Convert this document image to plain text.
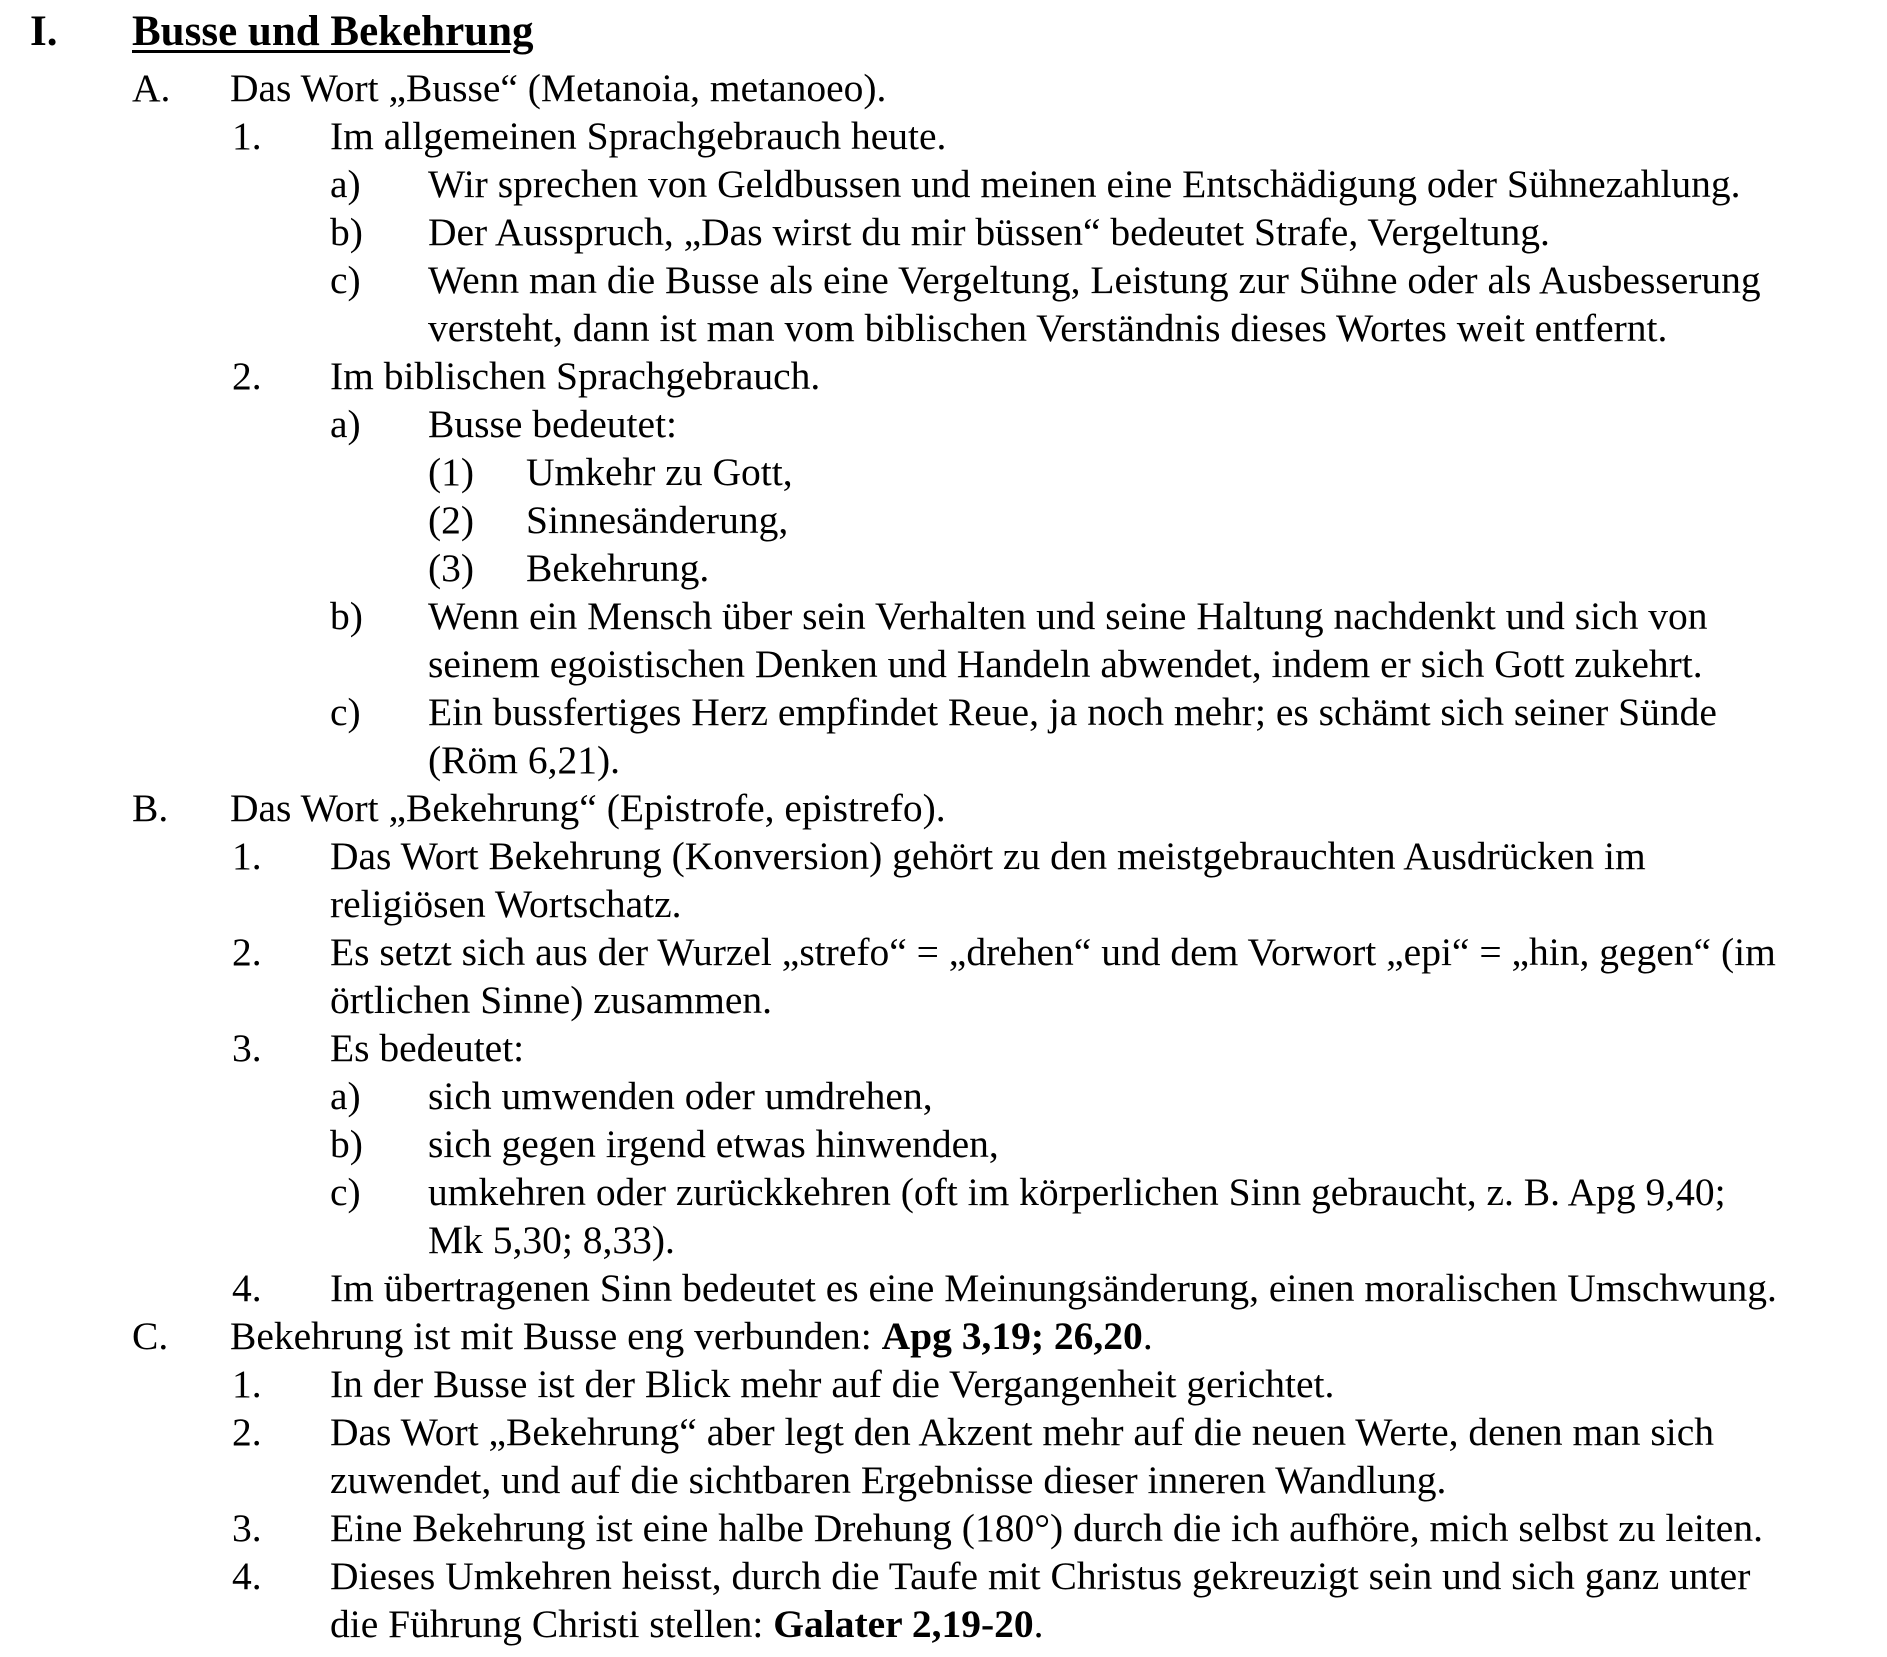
I. Busse und Bekehrung
A. Das Wort „Busse“ (Metanoia, metanoeo).
1. Im allgemeinen Sprachgebrauch heute.
a) Wir sprechen von Geldbussen und meinen eine Entschädigung oder Sühnezahlung.
b) Der Ausspruch, „Das wirst du mir büssen“ bedeutet Strafe, Vergeltung.
c) Wenn man die Busse als eine Vergeltung, Leistung zur Sühne oder als Ausbesserung
versteht, dann ist man vom biblischen Verständnis dieses Wortes weit entfernt.
2. Im biblischen Sprachgebrauch.
a) Busse bedeutet:
(1) Umkehr zu Gott,
(2) Sinnesänderung,
(3) Bekehrung.
b) Wenn ein Mensch über sein Verhalten und seine Haltung nachdenkt und sich von
seinem egoistischen Denken und Handeln abwendet, indem er sich Gott zukehrt.
c) Ein bussfertiges Herz empfindet Reue, ja noch mehr; es schämt sich seiner Sünde
(Röm 6,21).
B. Das Wort „Bekehrung“ (Epistrofe, epistrefo).
1. Das Wort Bekehrung (Konversion) gehört zu den meistgebrauchten Ausdrücken im
religiösen Wortschatz.
2. Es setzt sich aus der Wurzel „strefo“ = „drehen“ und dem Vorwort „epi“ = „hin, gegen“ (im
örtlichen Sinne) zusammen.
3. Es bedeutet:
a) sich umwenden oder umdrehen,
b) sich gegen irgend etwas hinwenden,
c) umkehren oder zurückkehren (oft im körperlichen Sinn gebraucht, z. B. Apg 9,40;
Mk 5,30; 8,33).
4. Im übertragenen Sinn bedeutet es eine Meinungsänderung, einen moralischen Umschwung.
C. Bekehrung ist mit Busse eng verbunden: Apg 3,19; 26,20.
1. In der Busse ist der Blick mehr auf die Vergangenheit gerichtet.
2. Das Wort „Bekehrung“ aber legt den Akzent mehr auf die neuen Werte, denen man sich
zuwendet, und auf die sichtbaren Ergebnisse dieser inneren Wandlung.
3. Eine Bekehrung ist eine halbe Drehung (180°) durch die ich aufhöre, mich selbst zu leiten.
4. Dieses Umkehren heisst, durch die Taufe mit Christus gekreuzigt sein und sich ganz unter
die Führung Christi stellen: Galater 2,19-20.
